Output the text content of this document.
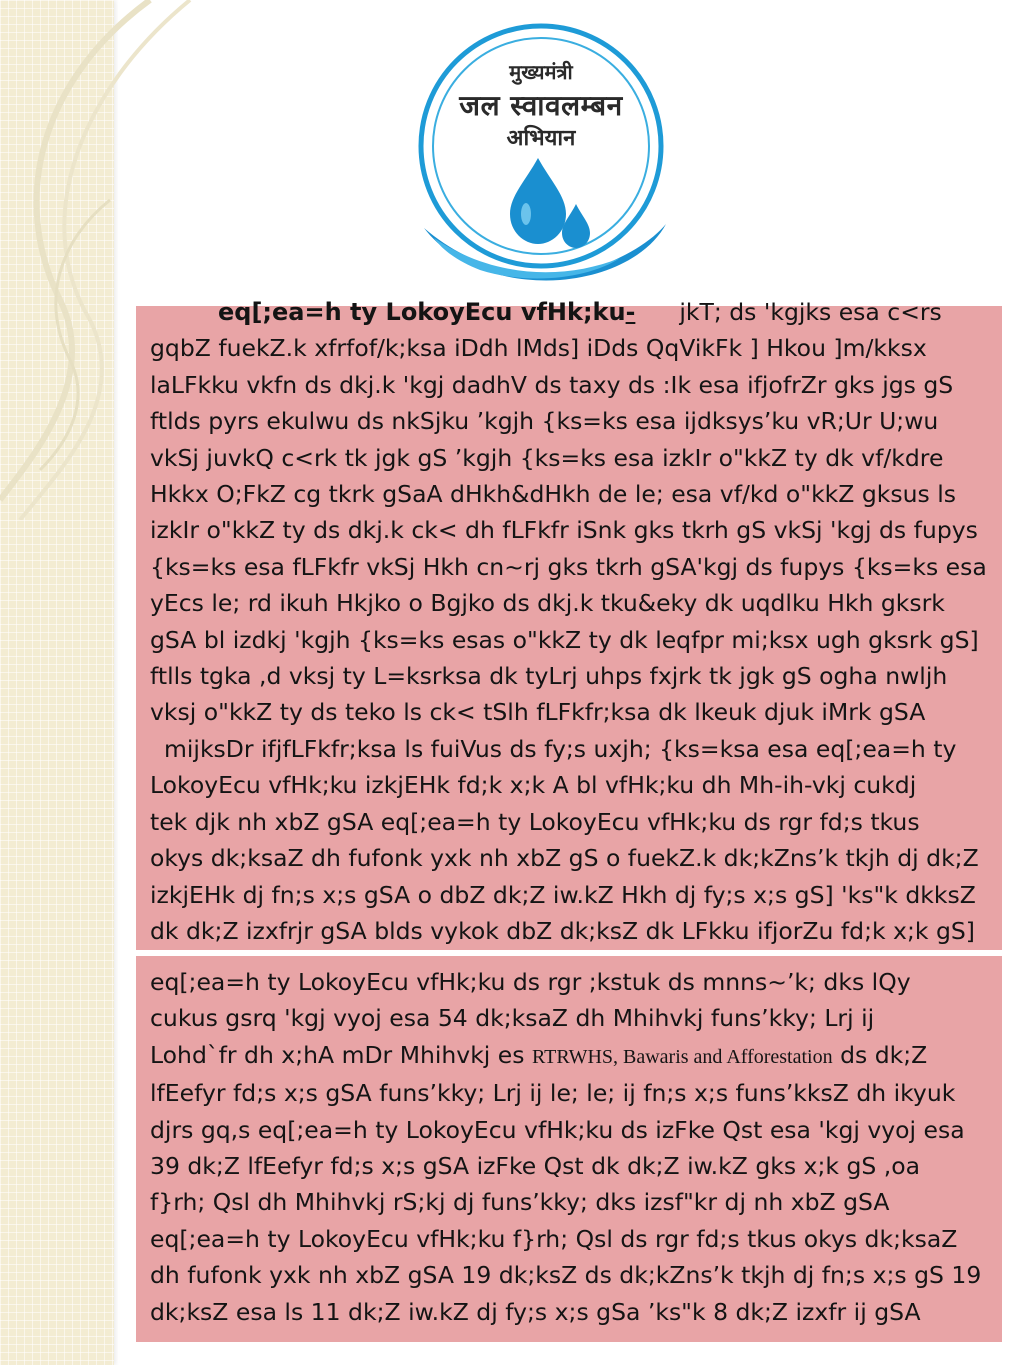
मुख्यमंत्री
जल स्वावलम्बन
अभियान
eq[;ea=h ty LokoyEcu vfHk;ku- jkT; ds 'kgjks esa c<rs
gqbZ fuekZ.k xfrfof/k;ksa iDdh lMds] iDds QqVikFk ] Hkou ]m/kksx
laLFkku vkfn ds dkj.k 'kgj dadhV ds taxy ds :Ik esa ifjofrZr gks jgs gS
ftlds pyrs ekulwu ds nkSjku ’kgjh {ks=ks esa ijdksys’ku vR;Ur U;wu
vkSj juvkQ c<rk tk jgk gS ’kgjh {ks=ks esa izkIr o"kkZ ty dk vf/kdre
Hkkx O;FkZ cg tkrk gSaA dHkh&dHkh de le; esa vf/kd o"kkZ gksus ls
izkIr o"kkZ ty ds dkj.k ck< dh fLFkfr iSnk gks tkrh gS vkSj 'kgj ds fupys
{ks=ks esa fLFkfr vkSj Hkh cn~rj gks tkrh gSA'kgj ds fupys {ks=ks esa
yEcs le; rd ikuh Hkjko o Bgjko ds dkj.k tku&eky dk uqdlku Hkh gksrk
gSA bl izdkj 'kgjh {ks=ks esas o"kkZ ty dk leqfpr mi;ksx ugh gksrk gS]
ftlls tgka ,d vksj ty L=ksrksa dk tyLrj uhps fxjrk tk jgk gS ogha nwljh
vksj o"kkZ ty ds teko ls ck< tSlh fLFkfr;ksa dk lkeuk djuk iMrk gSA
mijksDr ifjfLFkfr;ksa ls fuiVus ds fy;s uxjh; {ks=ksa esa eq[;ea=h ty
LokoyEcu vfHk;ku izkjEHk fd;k x;k A bl vfHk;ku dh Mh-ih-vkj cukdj
tek djk nh xbZ gSA eq[;ea=h ty LokoyEcu vfHk;ku ds rgr fd;s tkus
okys dk;ksaZ dh fufonk yxk nh xbZ gS o fuekZ.k dk;kZns’k tkjh dj dk;Z
izkjEHk dj fn;s x;s gSA o dbZ dk;Z iw.kZ Hkh dj fy;s x;s gS] 'ks"k dkksZ
dk dk;Z izxfrjr gSA blds vykok dbZ dk;ksZ dk LFkku ifjorZu fd;k x;k gS]
eq[;ea=h ty LokoyEcu vfHk;ku ds rgr ;kstuk ds mnns~’k; dks lQy
cukus gsrq 'kgj vyoj esa 54 dk;ksaZ dh Mhihvkj funs’kky; Lrj ij
Lohd`fr dh x;hA mDr Mhihvkj es RTRWHS, Bawaris and Afforestation ds dk;Z
lfEefyr fd;s x;s gSA funs’kky; Lrj ij le; le; ij fn;s x;s funs’kksZ dh ikyuk
djrs gq,s eq[;ea=h ty LokoyEcu vfHk;ku ds izFke Qst esa 'kgj vyoj esa
39 dk;Z lfEefyr fd;s x;s gSA izFke Qst dk dk;Z iw.kZ gks x;k gS ,oa
f}rh; Qsl dh Mhihvkj rS;kj dj funs’kky; dks izsf"kr dj nh xbZ gSA
eq[;ea=h ty LokoyEcu vfHk;ku f}rh; Qsl ds rgr fd;s tkus okys dk;ksaZ
dh fufonk yxk nh xbZ gSA 19 dk;ksZ ds dk;kZns’k tkjh dj fn;s x;s gS 19
dk;ksZ esa ls 11 dk;Z iw.kZ dj fy;s x;s gSa ’ks"k 8 dk;Z izxfr ij gSA
